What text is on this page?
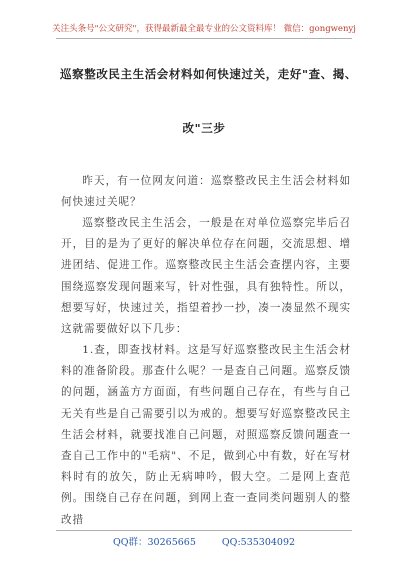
关注头条号"公文研究"，获得最新最全最专业的公文资料库！ 微信：gongwenyj
巡察整改民主生活会材料如何快速过关，走好"查、揭、
改"三步

昨天，有一位网友问道：巡察整改民主生活会材料如何快速过关呢？

巡察整改民主生活会，一般是在对单位巡察完毕后召开，目的是为了更好的解决单位存在问题，交流思想、增进团结、促进工作。巡察整改民主生活会查摆内容，主要围绕巡察发现问题来写，针对性强，具有独特性。所以，想要写好，快速过关，指望着抄一抄，凑一凑显然不现实这就需要做好以下几步：

1.查，即查找材料。这是写好巡察整改民主生活会材料的准备阶段。那查什么呢？一是查自己问题。巡察反馈的问题，涵盖方方面面，有些问题自己存在，有些与自己无关有些是自己需要引以为戒的。想要写好巡察整改民主生活会材料，就要找准自己问题，对照巡察反馈问题查一查自己工作中的"毛病"、不足，做到心中有数，好在写材料时有的放矢，防止无病呻吟，假大空。二是网上查范例。围绕自己存在问题，到网上查一查同类问题别人的整改措

QQ群：30265665	QQ:535304092
